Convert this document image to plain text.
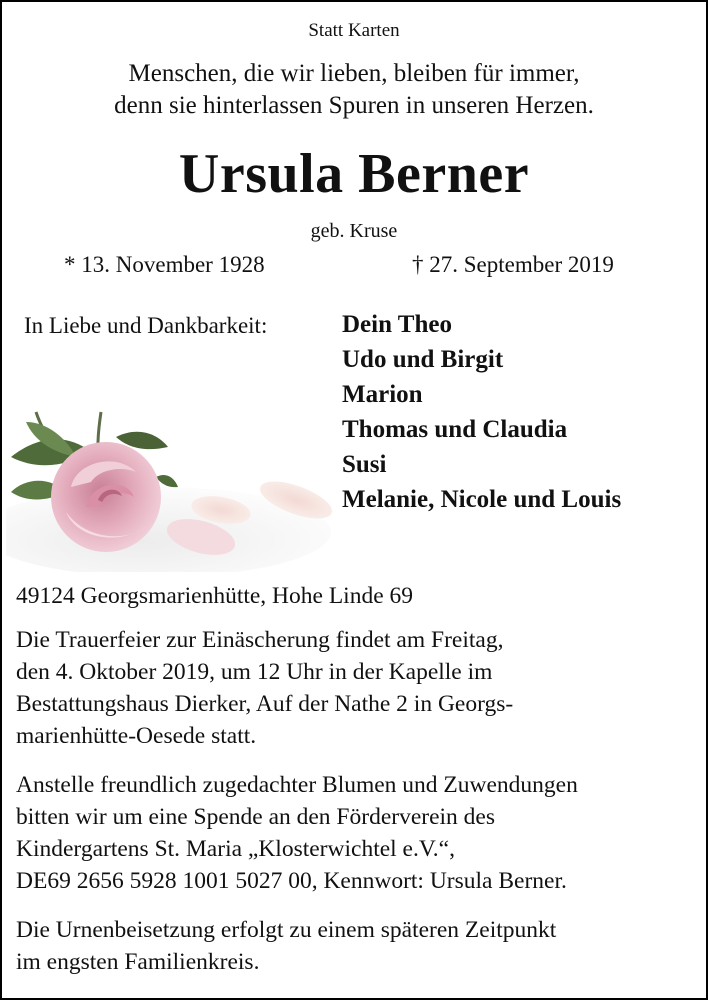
Statt Karten
Menschen, die wir lieben, bleiben für immer,
denn sie hinterlassen Spuren in unseren Herzen.
Ursula Berner
geb. Kruse
* 13. November 1928	† 27. September 2019
In Liebe und Dankbarkeit:	Dein Theo
Udo und Birgit
Marion
Thomas und Claudia
Susi
Melanie, Nicole und Louis
49124 Georgsmarienhütte, Hohe Linde 69
Die Trauerfeier zur Einäscherung findet am Freitag,
den 4. Oktober 2019, um 12 Uhr in der Kapelle im
Bestattungshaus Dierker, Auf der Nathe 2 in Georgs-
marienhütte-Oesede statt.
Anstelle freundlich zugedachter Blumen und Zuwendungen
bitten wir um eine Spende an den Förderverein des
Kindergartens St. Maria „Klosterwichtel e.V.“,
DE69 2656 5928 1001 5027 00, Kennwort: Ursula Berner.
Die Urnenbeisetzung erfolgt zu einem späteren Zeitpunkt
im engsten Familienkreis.
